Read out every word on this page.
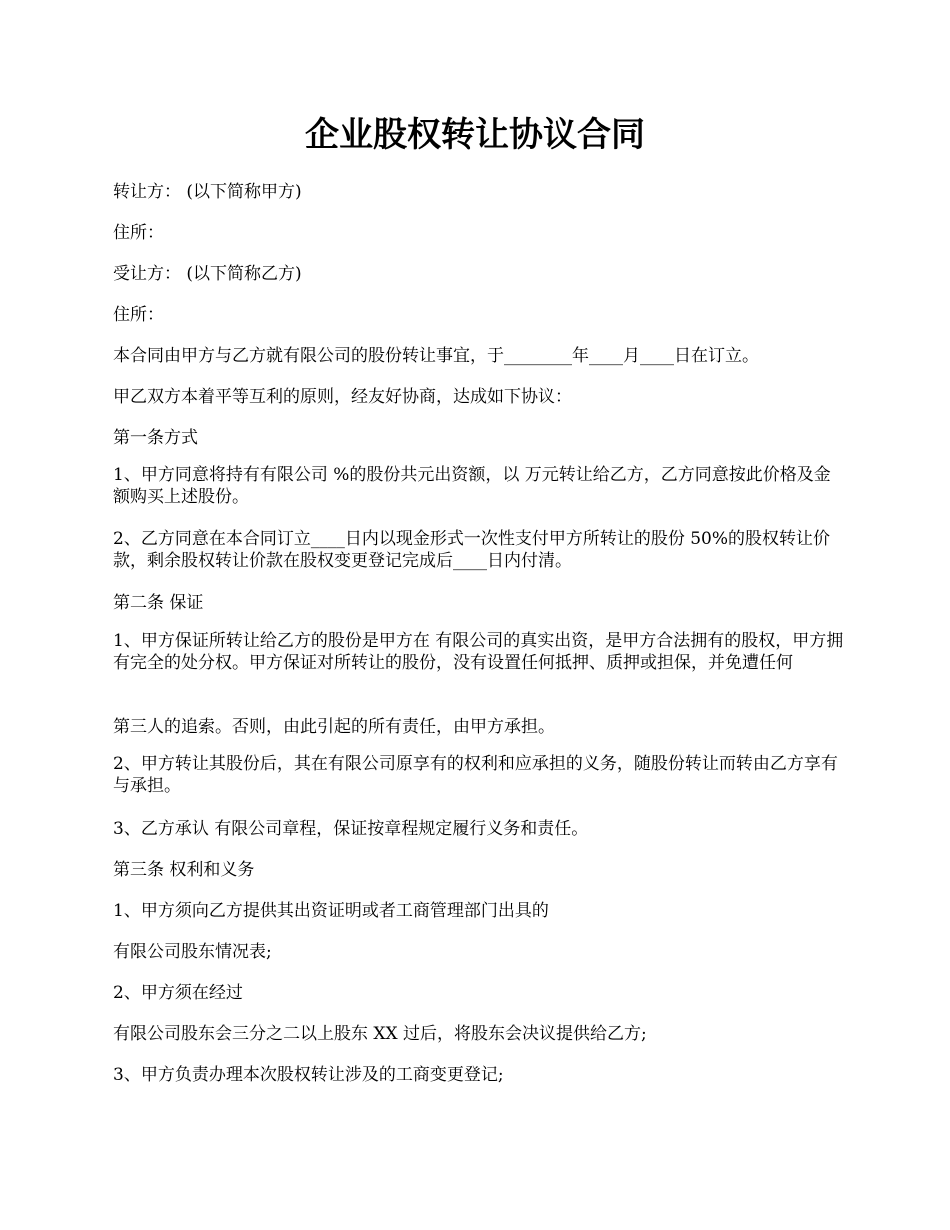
企业股权转让协议合同

转让方： (以下简称甲方)

住所：

受让方： (以下简称乙方)

住所：

本合同由甲方与乙方就有限公司的股份转让事宜，于________年____月____日在订立。

甲乙双方本着平等互利的原则，经友好协商，达成如下协议：

第一条方式

1、甲方同意将持有有限公司 %的股份共元出资额，以 万元转让给乙方，乙方同意按此价格及金额购买上述股份。

2、乙方同意在本合同订立____日内以现金形式一次性支付甲方所转让的股份 50%的股权转让价款，剩余股权转让价款在股权变更登记完成后____日内付清。

第二条 保证

1、甲方保证所转让给乙方的股份是甲方在 有限公司的真实出资，是甲方合法拥有的股权，甲方拥有完全的处分权。甲方保证对所转让的股份，没有设置任何抵押、质押或担保，并免遭任何

第三人的追索。否则，由此引起的所有责任，由甲方承担。

2、甲方转让其股份后，其在有限公司原享有的权利和应承担的义务，随股份转让而转由乙方享有与承担。

3、乙方承认 有限公司章程，保证按章程规定履行义务和责任。

第三条 权利和义务

1、甲方须向乙方提供其出资证明或者工商管理部门出具的

有限公司股东情况表;

2、甲方须在经过

有限公司股东会三分之二以上股东 XX 过后，将股东会决议提供给乙方;

3、甲方负责办理本次股权转让涉及的工商变更登记;
